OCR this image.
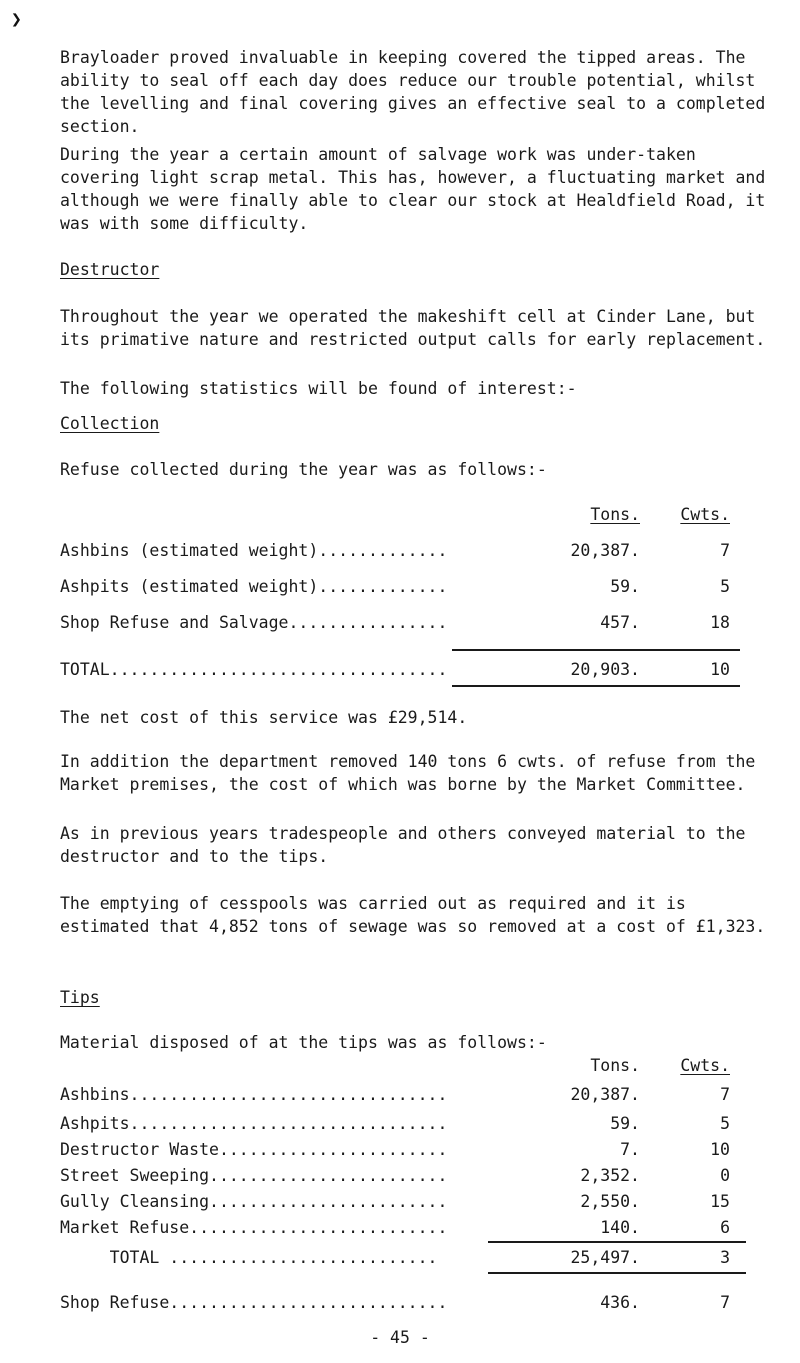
❯

Brayloader proved invaluable in keeping covered the tipped areas. The ability to seal off each day does reduce our trouble potential, whilst the levelling and final covering gives an effective seal to a completed section.

During the year a certain amount of salvage work was under-taken covering light scrap metal. This has, however, a fluctuating market and although we were finally able to clear our stock at Healdfield Road, it was with some difficulty.

Destructor

Throughout the year we operated the makeshift cell at Cinder Lane, but its primative nature and restricted output calls for early replacement.

The following statistics will be found of interest:-

Collection

Refuse collected during the year was as follows:-

Tons. Cwts.
Ashbins (estimated weight).............	20,387.	7
Ashpits (estimated weight).............	59.	5
Shop Refuse and Salvage................	457.	18
TOTAL..................................	20,903.	10

The net cost of this service was £29,514.

In addition the department removed 140 tons 6 cwts. of refuse from the Market premises, the cost of which was borne by the Market Committee.

As in previous years tradespeople and others conveyed material to the destructor and to the tips.

The emptying of cesspools was carried out as required and it is estimated that 4,852 tons of sewage was so removed at a cost of £1,323.

Tips

Material disposed of at the tips was as follows:-

Tons. Cwts.
Ashbins................................	20,387.	7
Ashpits................................	59.	5
Destructor Waste.......................	7.	10
Street Sweeping........................	2,352.	0
Gully Cleansing........................	2,550.	15
Market Refuse..........................	140.	6
TOTAL ...........................	25,497.	3
Shop Refuse............................	436.	7
- 45 -
